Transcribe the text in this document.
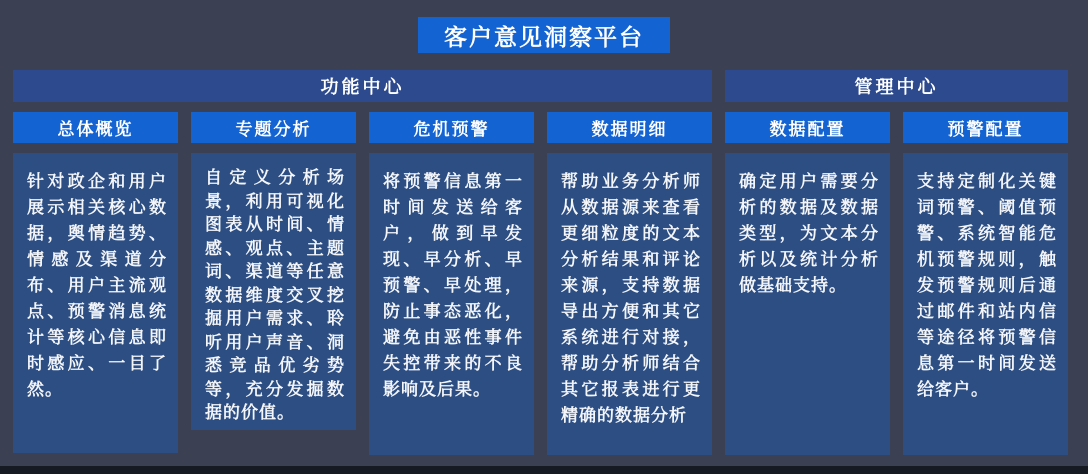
客户意见洞察平台
功能中心	管理中心
总体概览	专题分析	危机预警	数据明细	数据配置	预警配置

针对政企和用户展示相关核心数据，舆情趋势、情感及渠道分布、用户主流观点、预警消息统计等核心信息即时感应、一目了然。

自定义分析场景，利用可视化图表从时间、情感、观点、主题词、渠道等任意数据维度交叉挖掘用户需求、聆听用户声音、洞悉竞品优劣势等，充分发掘数据的价值。

将预警信息第一时间发送给客户，做到早发现、早分析、早预警、早处理，防止事态恶化，避免由恶性事件失控带来的不良影响及后果。

帮助业务分析师从数据源来查看更细粒度的文本分析结果和评论来源，支持数据导出方便和其它系统进行对接，帮助分析师结合其它报表进行更精确的数据分析

确定用户需要分析的数据及数据类型，为文本分析以及统计分析做基础支持。

支持定制化关键词预警、阈值预警、系统智能危机预警规则，触发预警规则后通过邮件和站内信等途径将预警信息第一时间发送给客户。
